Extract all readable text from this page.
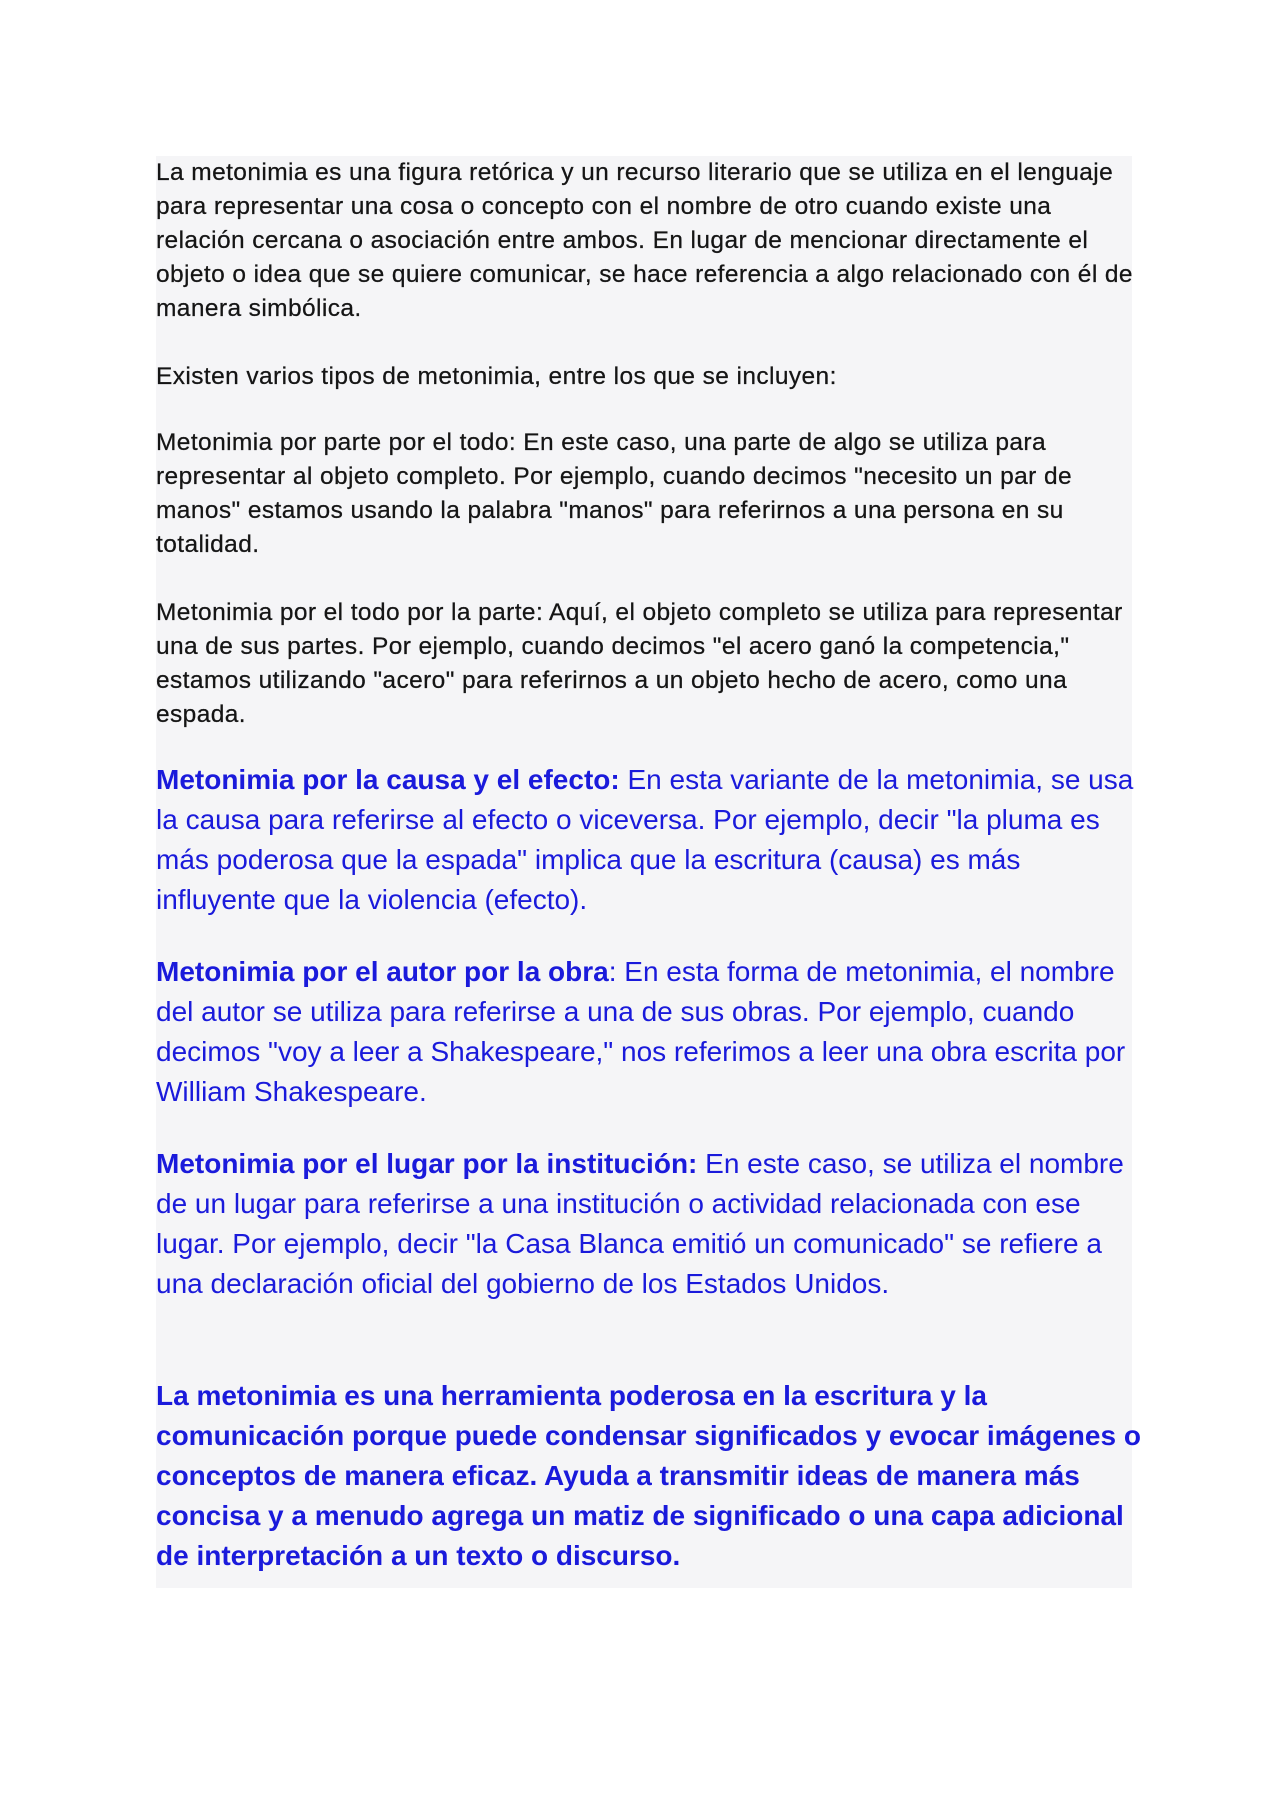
La metonimia es una figura retórica y un recurso literario que se utiliza en el lenguaje para representar una cosa o concepto con el nombre de otro cuando existe una relación cercana o asociación entre ambos. En lugar de mencionar directamente el objeto o idea que se quiere comunicar, se hace referencia a algo relacionado con él de manera simbólica.

Existen varios tipos de metonimia, entre los que se incluyen:

Metonimia por parte por el todo: En este caso, una parte de algo se utiliza para representar al objeto completo. Por ejemplo, cuando decimos "necesito un par de manos" estamos usando la palabra "manos" para referirnos a una persona en su totalidad.

Metonimia por el todo por la parte: Aquí, el objeto completo se utiliza para representar una de sus partes. Por ejemplo, cuando decimos "el acero ganó la competencia," estamos utilizando "acero" para referirnos a un objeto hecho de acero, como una espada.

Metonimia por la causa y el efecto: En esta variante de la metonimia, se usa la causa para referirse al efecto o viceversa. Por ejemplo, decir "la pluma es más poderosa que la espada" implica que la escritura (causa) es más influyente que la violencia (efecto).

Metonimia por el autor por la obra: En esta forma de metonimia, el nombre del autor se utiliza para referirse a una de sus obras. Por ejemplo, cuando decimos "voy a leer a Shakespeare," nos referimos a leer una obra escrita por William Shakespeare.

Metonimia por el lugar por la institución: En este caso, se utiliza el nombre de un lugar para referirse a una institución o actividad relacionada con ese lugar. Por ejemplo, decir "la Casa Blanca emitió un comunicado" se refiere a una declaración oficial del gobierno de los Estados Unidos.

La metonimia es una herramienta poderosa en la escritura y la comunicación porque puede condensar significados y evocar imágenes o conceptos de manera eficaz. Ayuda a transmitir ideas de manera más concisa y a menudo agrega un matiz de significado o una capa adicional de interpretación a un texto o discurso.
